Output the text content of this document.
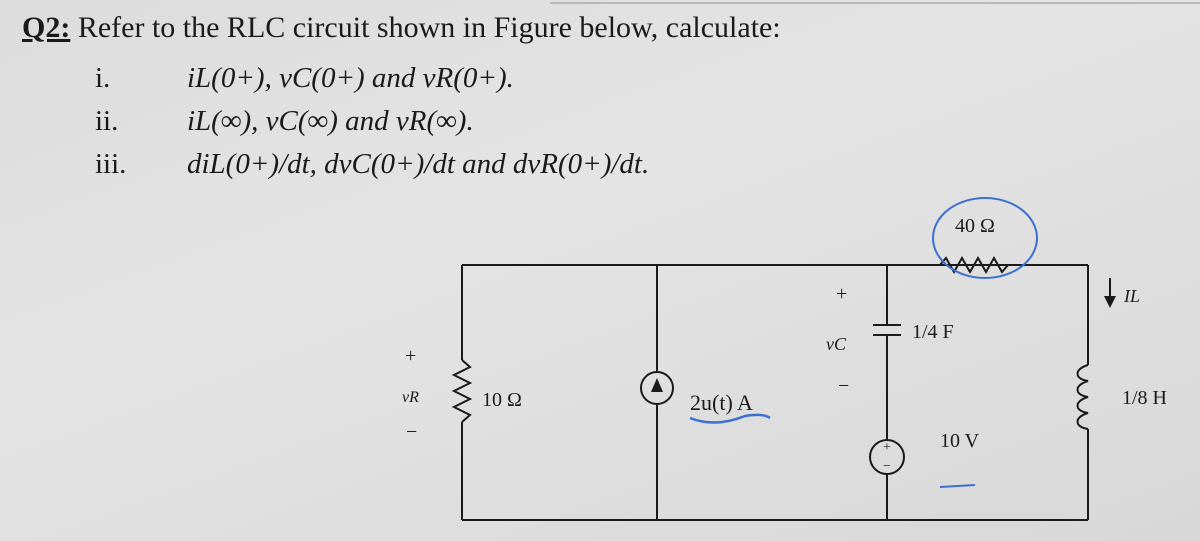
Q2: Refer to the RLC circuit shown in Figure below, calculate:
i.	iL(0+), vC(0+) and vR(0+).
ii.	iL(∞), vC(∞) and vR(∞).
iii.	diL(0+)/dt, dvC(0+)/dt and dvR(0+)/dt.
+
−
+
vR
−
10 Ω	2u(t) A
+
vC
−
1/4 F
40 Ω
10 V
1/8 H
IL
